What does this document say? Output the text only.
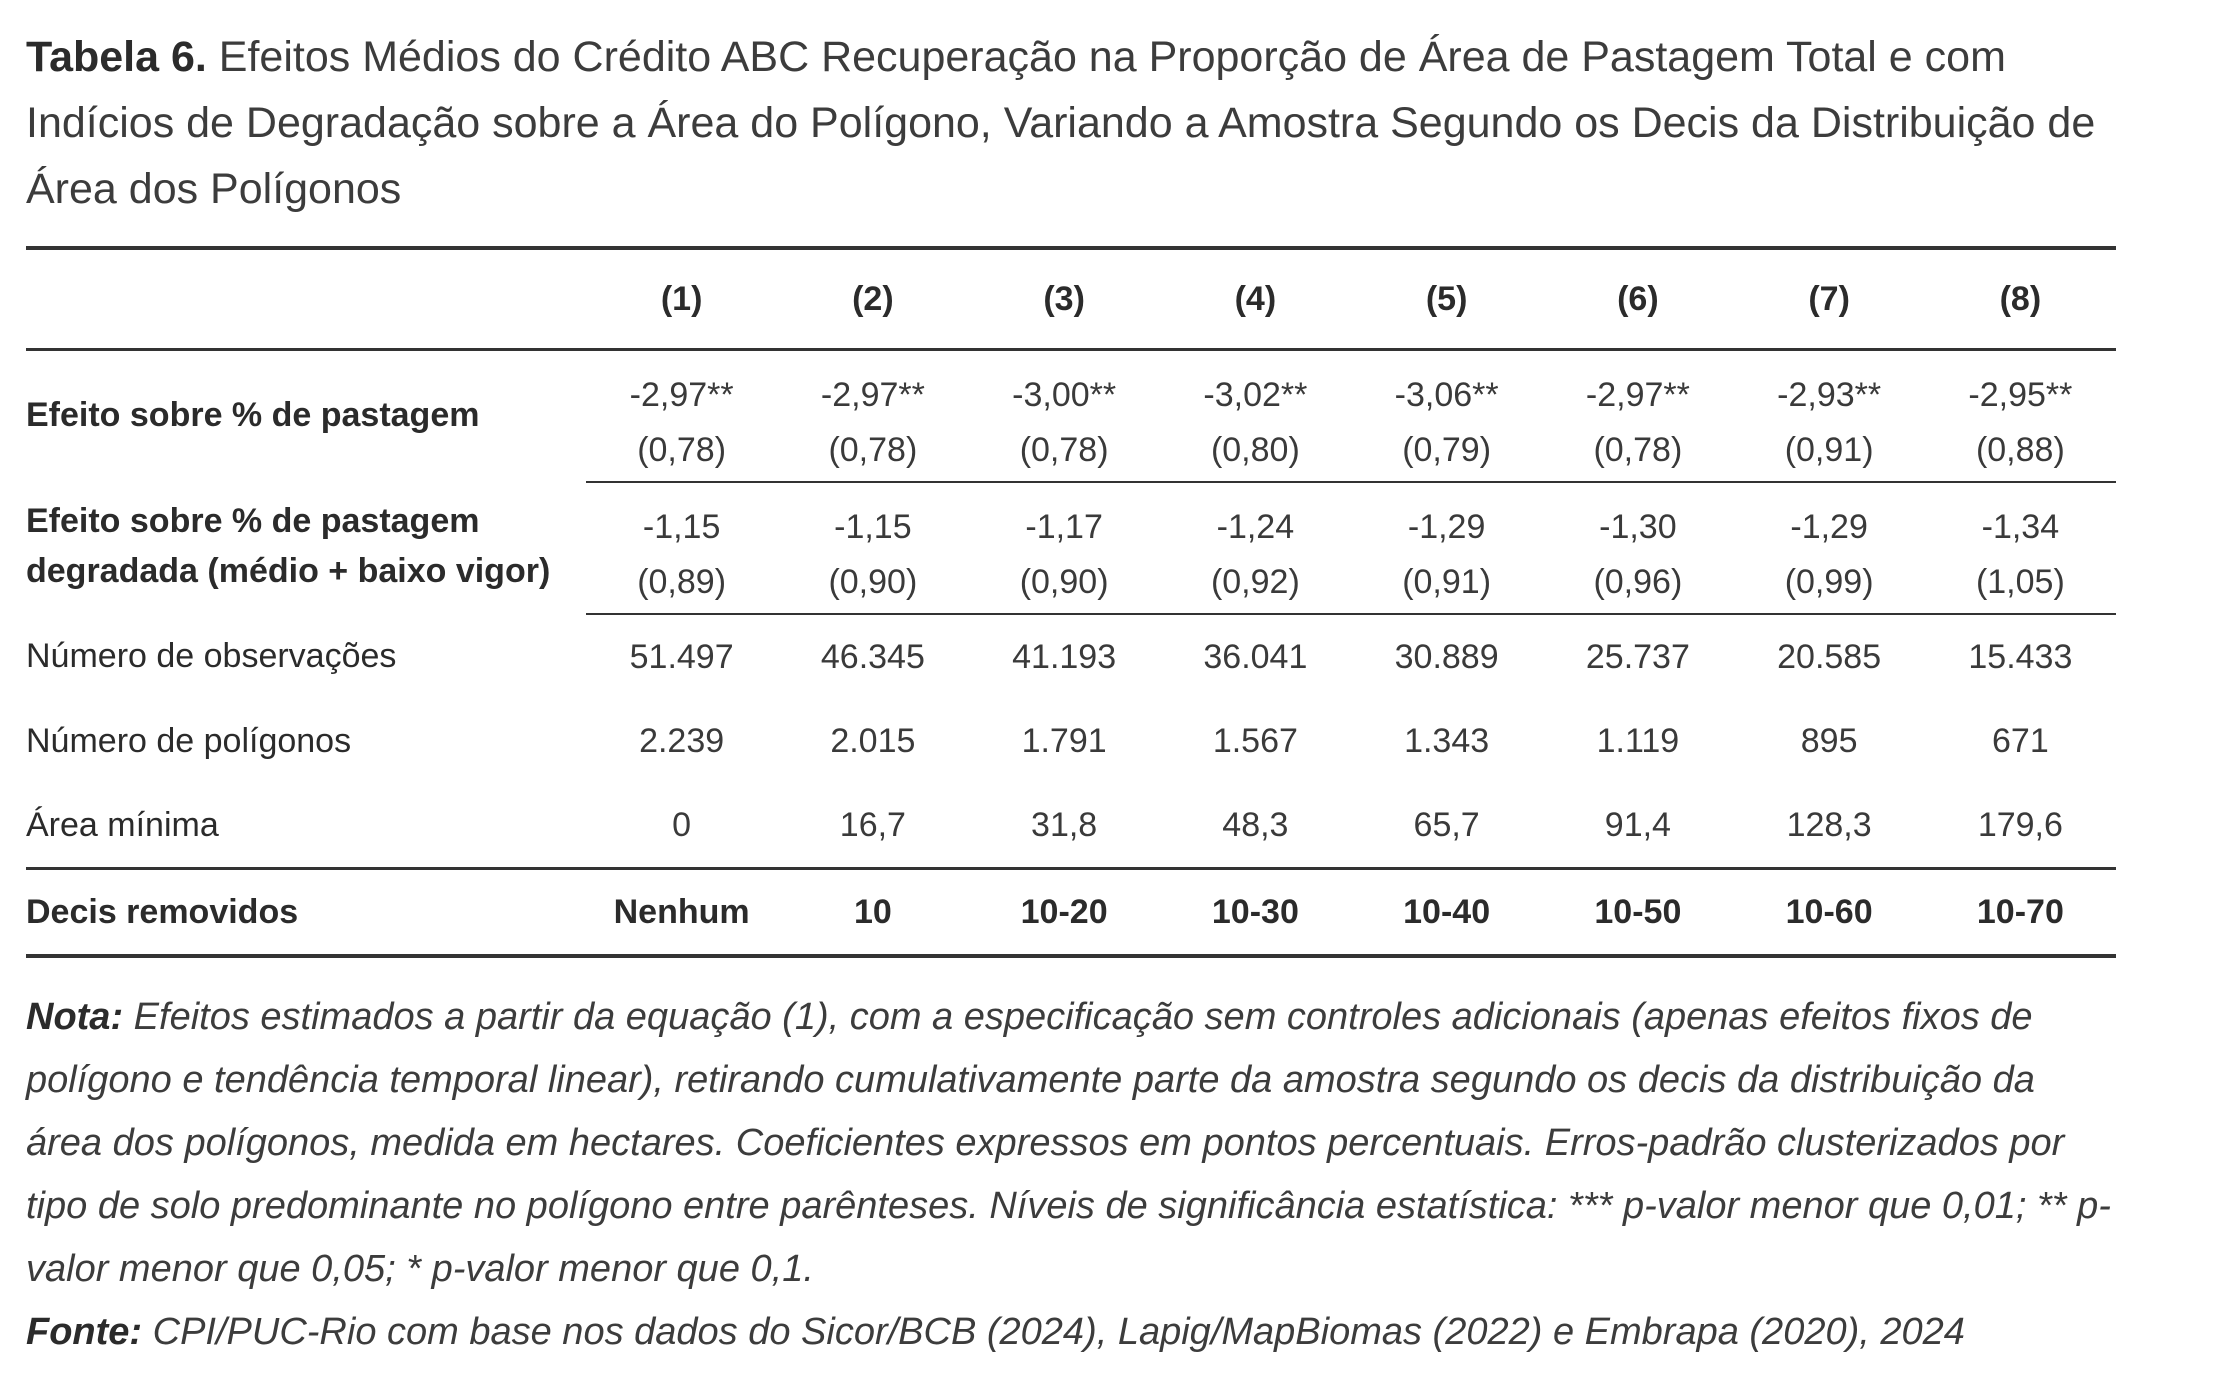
Tabela 6. Efeitos Médios do Crédito ABC Recuperação na Proporção de Área de Pastagem Total e com Indícios de Degradação sobre a Área do Polígono, Variando a Amostra Segundo os Decis da Distribuição de Área dos Polígonos

	(1)	(2)	(3)	(4)	(5)	(6)	(7)	(8)
Efeito sobre % de pastagem	-2,97**	-2,97**	-3,00**	-3,02**	-3,06**	-2,97**	-2,93**	-2,95**
	(0,78)	(0,78)	(0,78)	(0,80)	(0,79)	(0,78)	(0,91)	(0,88)

Efeito sobre % de pastagem
degradada (médio + baixo vigor)	-1,15	-1,15	-1,17	-1,24	-1,29	-1,30	-1,29	-1,34
	(0,89)	(0,90)	(0,90)	(0,92)	(0,91)	(0,96)	(0,99)	(1,05)
Número de observações	51.497	46.345	41.193	36.041	30.889	25.737	20.585	15.433
Número de polígonos	2.239	2.015	1.791	1.567	1.343	1.119	895	671
Área mínima	0	16,7	31,8	48,3	65,7	91,4	128,3	179,6
Decis removidos	Nenhum	10	10-20	10-30	10-40	10-50	10-60	10-70
Nota: Efeitos estimados a partir da equação (1), com a especificação sem controles adicionais (apenas efeitos fixos de polígono e tendência temporal linear), retirando cumulativamente parte da amostra segundo os decis da distribuição da área dos polígonos, medida em hectares. Coeficientes expressos em pontos percentuais. Erros-padrão clusterizados por tipo de solo predominante no polígono entre parênteses. Níveis de significância estatística: *** p-valor menor que 0,01; ** p-valor menor que 0,05; * p-valor menor que 0,1.
Fonte: CPI/PUC-Rio com base nos dados do Sicor/BCB (2024), Lapig/MapBiomas (2022) e Embrapa (2020), 2024
